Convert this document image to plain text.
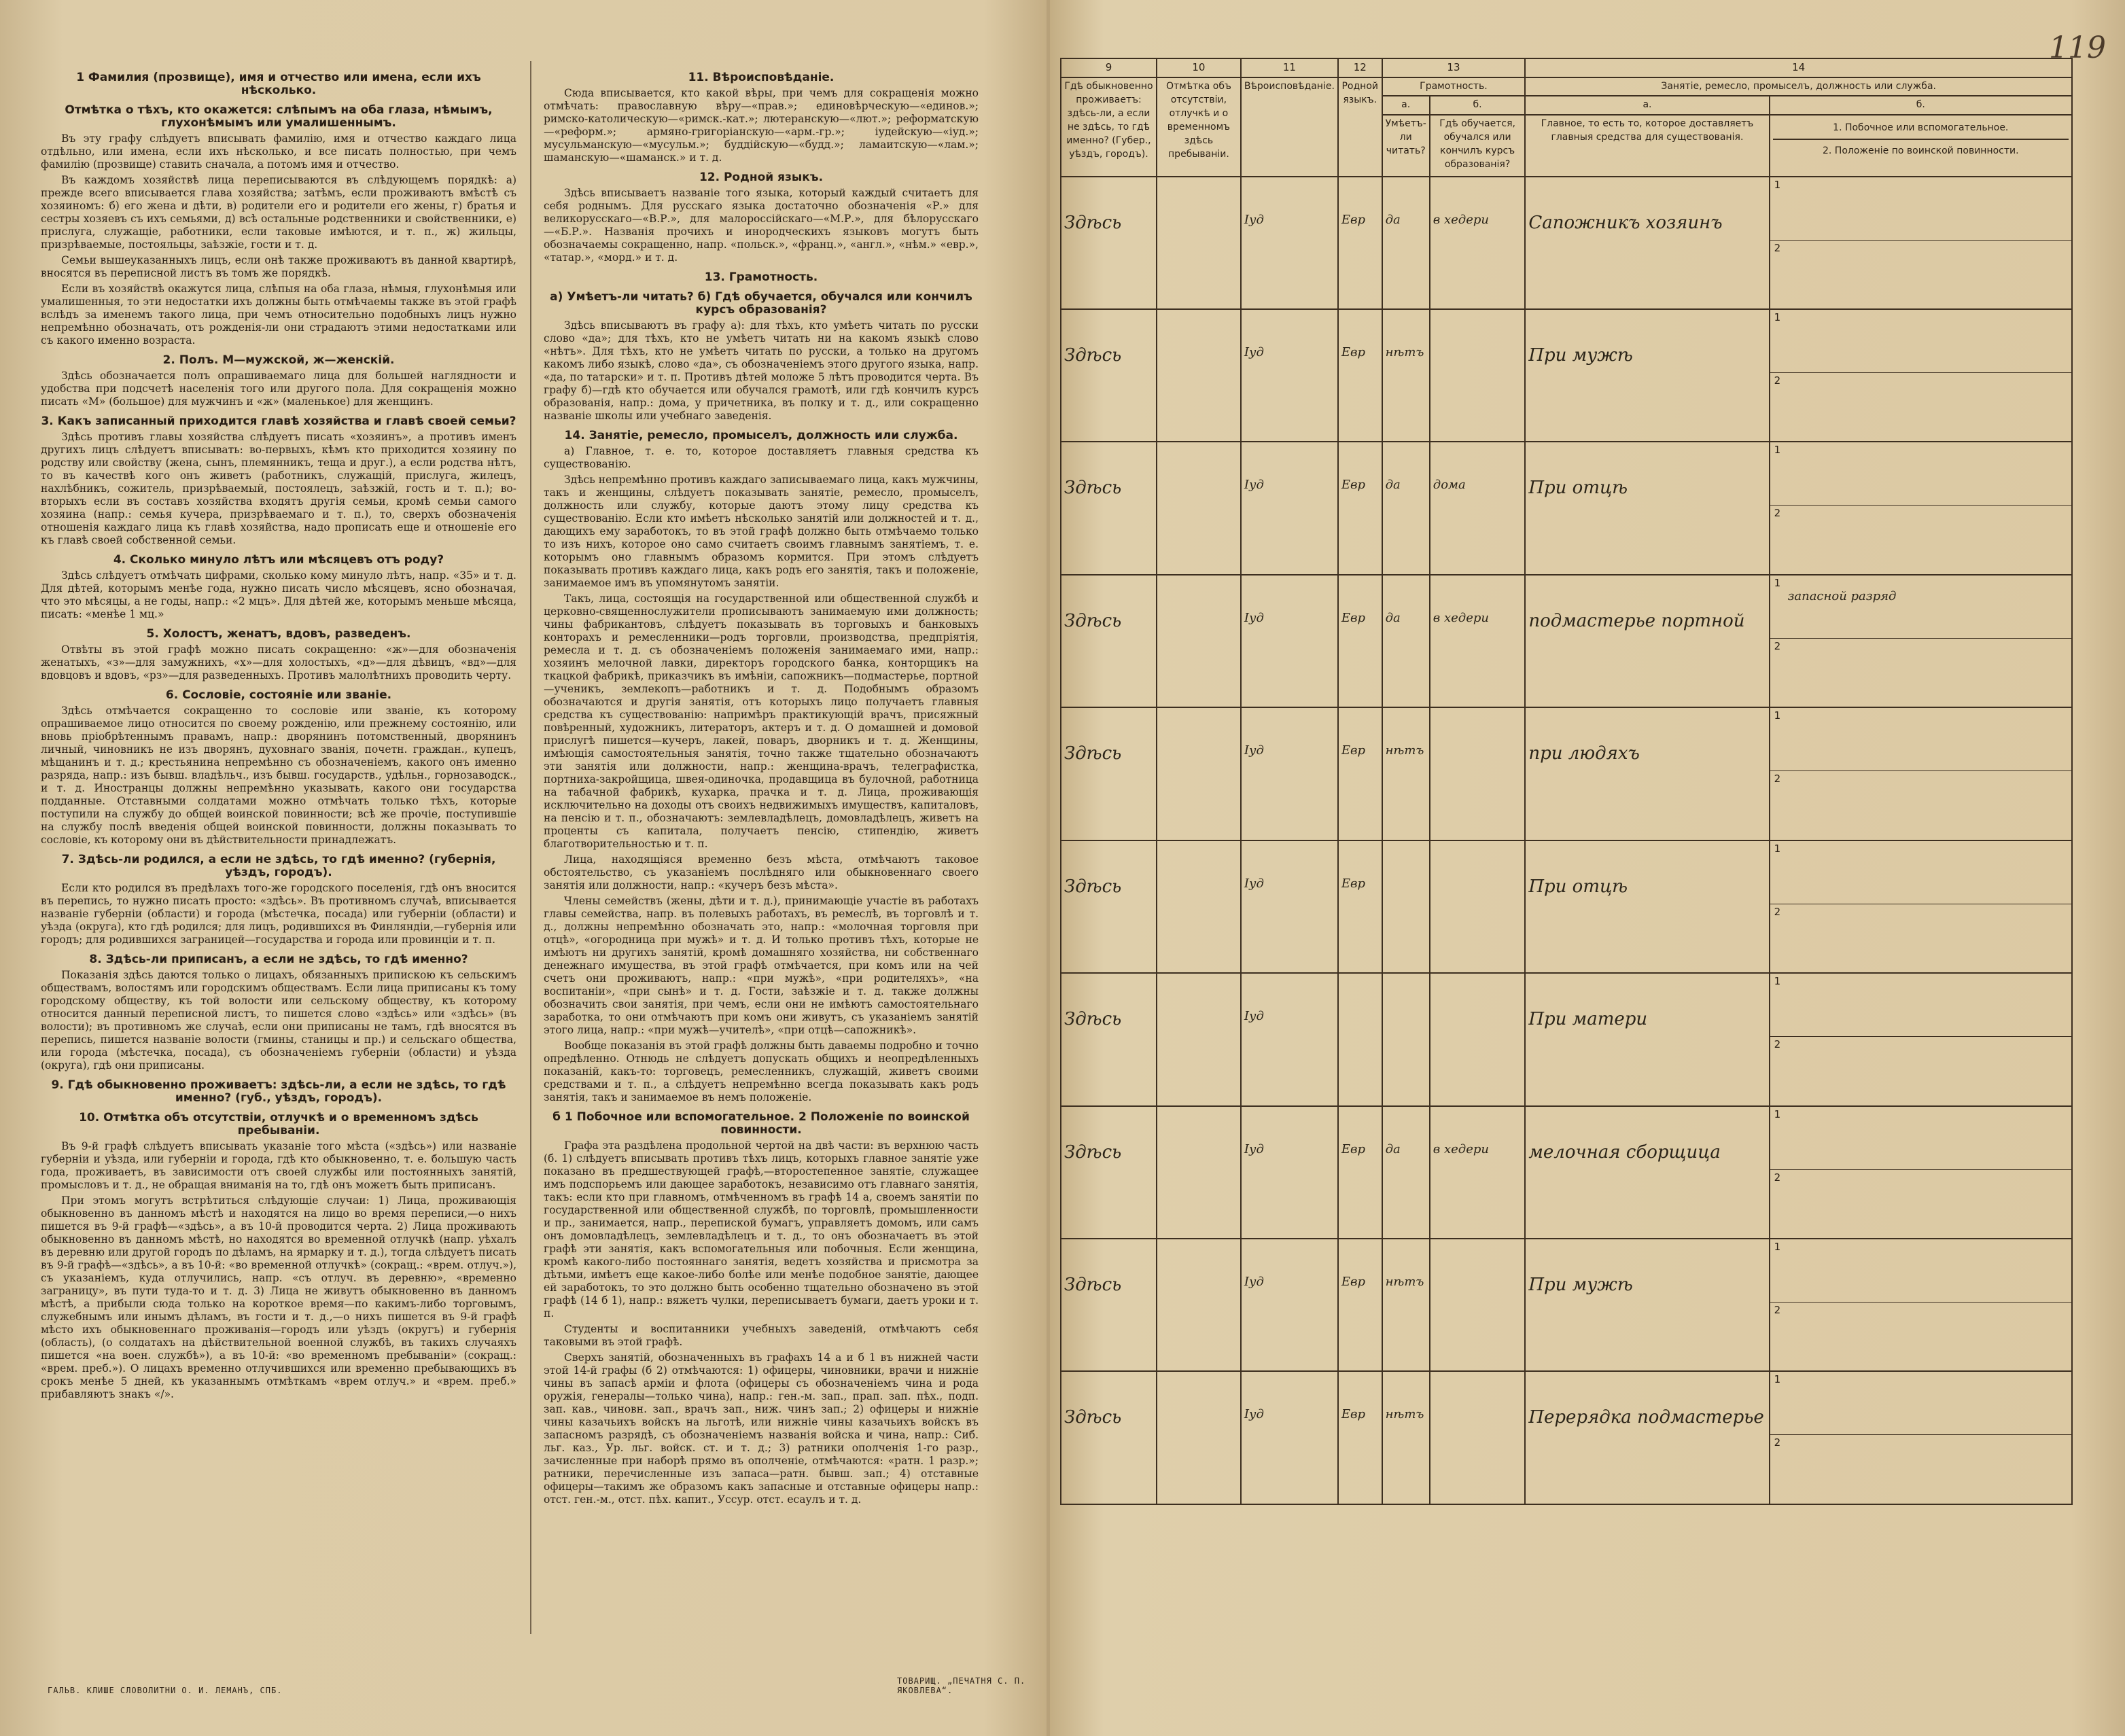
1 Фамилия (прозвище), имя и отчество или имена, если ихъ нѣсколько.
Отмѣтка о тѣхъ, кто окажется: слѣпымъ на оба глаза, нѣмымъ, глухонѣмымъ или умалишеннымъ.

Въ эту графу слѣдуетъ вписывать фамилію, имя и отчество каждаго лица отдѣльно, или имена, если ихъ нѣсколько, и все писать полностью, при чемъ фамилію (прозвище) ставить сначала, а потомъ имя и отчество.

Въ каждомъ хозяйствѣ лица переписываются въ слѣдующемъ порядкѣ: а) прежде всего вписывается глава хозяйства; затѣмъ, если проживаютъ вмѣстѣ съ хозяиномъ: б) его жена и дѣти, в) родители его и родители его жены, г) братья и сестры хозяевъ съ ихъ семьями, д) всѣ остальные родственники и свойственники, е) прислуга, служащіе, работники, если таковые имѣются, и т. п., ж) жильцы, призрѣваемые, постояльцы, заѣзжіе, гости и т. д.

Семьи вышеуказанныхъ лицъ, если онѣ также проживаютъ въ данной квартирѣ, вносятся въ переписной листъ въ томъ же порядкѣ.

Если въ хозяйствѣ окажутся лица, слѣпыя на оба глаза, нѣмыя, глухонѣмыя или умалишенныя, то эти недостатки ихъ должны быть отмѣчаемы также въ этой графѣ вслѣдъ за именемъ такого лица, при чемъ относительно подобныхъ лицъ нужно непремѣнно обозначать, отъ рожденія-ли они страдаютъ этими недостатками или съ какого именно возраста.

2. Полъ. М—мужской, ж—женскій.

Здѣсь обозначается полъ опрашиваемаго лица для большей наглядности и удобства при подсчетѣ населенія того или другого пола. Для сокращенія можно писать «М» (большое) для мужчинъ и «ж» (маленькое) для женщинъ.

3. Какъ записанный приходится главѣ хозяйства и главѣ своей семьи?

Здѣсь противъ главы хозяйства слѣдуетъ писать «хозяинъ», а противъ именъ другихъ лицъ слѣдуетъ вписывать: во-первыхъ, кѣмъ кто приходится хозяину по родству или свойству (жена, сынъ, племянникъ, теща и друг.), а если родства нѣтъ, то въ качествѣ кого онъ живетъ (работникъ, служащій, прислуга, жилецъ, нахлѣбникъ, сожитель, призрѣваемый, постоялецъ, заѣзжій, гость и т. п.); во-вторыхъ если въ составъ хозяйства входятъ другія семьи, кромѣ семьи самого хозяина (напр.: семья кучера, призрѣваемаго и т. п.), то, сверхъ обозначенія отношенія каждаго лица къ главѣ хозяйства, надо прописать еще и отношеніе его къ главѣ своей собственной семьи.

4. Сколько минуло лѣтъ или мѣсяцевъ отъ роду?

Здѣсь слѣдуетъ отмѣчать цифрами, сколько кому минуло лѣтъ, напр. «35» и т. д. Для дѣтей, которымъ менѣе года, нужно писать число мѣсяцевъ, ясно обозначая, что это мѣсяцы, а не годы, напр.: «2 мцъ». Для дѣтей же, которымъ меньше мѣсяца, писать: «менѣе 1 мц.»

5. Холостъ, женатъ, вдовъ, разведенъ.

Отвѣты въ этой графѣ можно писать сокращенно: «ж»—для обозначенія женатыхъ, «з»—для замужнихъ, «х»—для холостыхъ, «д»—для дѣвицъ, «вд»—для вдовцовъ и вдовъ, «рз»—для разведенныхъ. Противъ малолѣтнихъ проводить черту.

6. Сословіе, состояніе или званіе.

Здѣсь отмѣчается сокращенно то сословіе или званіе, къ которому опрашиваемое лицо относится по своему рожденію, или прежнему состоянію, или вновь пріобрѣтеннымъ правамъ, напр.: дворянинъ потомственный, дворянинъ личный, чиновникъ не изъ дворянъ, духовнаго званія, почетн. граждан., купецъ, мѣщанинъ и т. д.; крестьянина непремѣнно съ обозначеніемъ, какого онъ именно разряда, напр.: изъ бывш. владѣльч., изъ бывш. государств., удѣльн., горнозаводск., и т. д. Иностранцы должны непремѣнно указывать, какого они государства подданные. Отставными солдатами можно отмѣчать только тѣхъ, которые поступили на службу до общей воинской повинности; всѣ же прочіе, поступившіе на службу послѣ введенія общей воинской повинности, должны показывать то сословіе, къ которому они въ дѣйствительности принадлежатъ.

7. Здѣсь-ли родился, а если не здѣсь, то гдѣ именно? (губернія, уѣздъ, городъ).

Если кто родился въ предѣлахъ того-же городского поселенія, гдѣ онъ вносится въ перепись, то нужно писать просто: «здѣсь». Въ противномъ случаѣ, вписывается названіе губерніи (области) и города (мѣстечка, посада) или губерніи (области) и уѣзда (округа), кто гдѣ родился; для лицъ, родившихся въ Финляндіи,—губернія или городъ; для родившихся заграницей—государства и города или провинціи и т. п.

8. Здѣсь-ли приписанъ, а если не здѣсь, то гдѣ именно?

Показанія здѣсь даются только о лицахъ, обязанныхъ припискою къ сельскимъ обществамъ, волостямъ или городскимъ обществамъ. Если лица приписаны къ тому городскому обществу, къ той волости или сельскому обществу, къ которому относится данный переписной листъ, то пишется слово «здѣсь» или «здѣсь» (въ волости); въ противномъ же случаѣ, если они приписаны не тамъ, гдѣ вносятся въ перепись, пишется названіе волости (гмины, станицы и пр.) и сельскаго общества, или города (мѣстечка, посада), съ обозначеніемъ губерніи (области) и уѣзда (округа), гдѣ они приписаны.

9. Гдѣ обыкновенно проживаетъ: здѣсь-ли, а если не здѣсь, то гдѣ именно? (губ., уѣздъ, городъ).
10. Отмѣтка объ отсутствіи, отлучкѣ и о временномъ здѣсь пребываніи.

Въ 9-й графѣ слѣдуетъ вписывать указаніе того мѣста («здѣсь») или названіе губерніи и уѣзда, или губерніи и города, гдѣ кто обыкновенно, т. е. большую часть года, проживаетъ, въ зависимости отъ своей службы или постоянныхъ занятій, промысловъ и т. д., не обращая вниманія на то, гдѣ онъ можетъ быть приписанъ.

При этомъ могутъ встрѣтиться слѣдующіе случаи: 1) Лица, проживающія обыкновенно въ данномъ мѣстѣ и находятся на лицо во время переписи,—о нихъ пишется въ 9-й графѣ—«здѣсь», а въ 10-й проводится черта. 2) Лица проживають обыкновенно въ данномъ мѣстѣ, но находятся во временной отлучкѣ (напр. уѣхалъ въ деревню или другой городъ по дѣламъ, на ярмарку и т. д.), тогда слѣдуетъ писать въ 9-й графѣ—«здѣсь», а въ 10-й: «во временной отлучкѣ» (сокращ.: «врем. отлуч.»), съ указаніемъ, куда отлучились, напр. «съ отлуч. въ деревню», «временно заграницу», въ пути туда-то и т. д. 3) Лица не живутъ обыкновенно въ данномъ мѣстѣ, а прибыли сюда только на короткое время—по какимъ-либо торговымъ, служебнымъ или инымъ дѣламъ, въ гости и т. д.,—о нихъ пишется въ 9-й графѣ мѣсто ихъ обыкновеннаго проживанія—городъ или уѣздъ (округъ) и губернія (область), (о солдатахъ на дѣйствительной военной службѣ, въ такихъ случаяхъ пишется «на воен. службѣ»), а въ 10-й: «во временномъ пребываніи» (сокращ.: «врем. преб.»). О лицахъ временно отлучившихся или временно пребывающихъ въ срокъ менѣе 5 дней, къ указаннымъ отмѣткамъ «врем отлуч.» и «врем. преб.» прибавляютъ знакъ «/».

11. Вѣроисповѣданіе.

Сюда вписывается, кто какой вѣры, при чемъ для сокращенія можно отмѣчать: православную вѣру—«прав.»; единовѣрческую—«единов.»; римско-католическую—«римск.-кат.»; лютеранскую—«лют.»; реформатскую—«реформ.»; армяно-григоріанскую—«арм.-гр.»; іудейскую—«іуд.»; мусульманскую—«мусульм.»; буддійскую—«будд.»; ламаитскую—«лам.»; шаманскую—«шаманск.» и т. д.

12. Родной языкъ.

Здѣсь вписываетъ названіе того языка, который каждый считаетъ для себя роднымъ. Для русскаго языка достаточно обозначенія «Р.» для великорусскаго—«В.Р.», для малороссійскаго—«М.Р.», для бѣлорусскаго—«Б.Р.». Названія прочихъ и инородческихъ языковъ могутъ быть обозначаемы сокращенно, напр. «польск.», «франц.», «англ.», «нѣм.» «евр.», «татар.», «морд.» и т. д.

13. Грамотность.
а) Умѣетъ-ли читать? б) Гдѣ обучается, обучался или кончилъ курсъ образованія?

Здѣсь вписываютъ въ графу а): для тѣхъ, кто умѣетъ читать по русски слово «да»; для тѣхъ, кто не умѣетъ читать ни на какомъ языкѣ слово «нѣтъ». Для тѣхъ, кто не умѣетъ читать по русски, а только на другомъ какомъ либо языкѣ, слово «да», съ обозначеніемъ этого другого языка, напр. «да, по татарски» и т. п. Противъ дѣтей моложе 5 лѣтъ проводится черта. Въ графу б)—гдѣ кто обучается или обучался грамотѣ, или гдѣ кончилъ курсъ образованія, напр.: дома, у причетника, въ полку и т. д., или сокращенно названіе школы или учебнаго заведенія.

14. Занятіе, ремесло, промыселъ, должность или служба.

а) Главное, т. е. то, которое доставляетъ главныя средства къ существованію.

Здѣсь непремѣнно противъ каждаго записываемаго лица, какъ мужчины, такъ и женщины, слѣдуетъ показывать занятіе, ремесло, промыселъ, должность или службу, которые даютъ этому лицу средства къ существованію. Если кто имѣетъ нѣсколько занятій или должностей и т. д., дающихъ ему заработокъ, то въ этой графѣ должно быть отмѣчаемо только то изъ нихъ, которое оно само считаетъ своимъ главнымъ занятіемъ, т. е. которымъ оно главнымъ образомъ кормится. При этомъ слѣдуетъ показывать противъ каждаго лица, какъ родъ его занятія, такъ и положеніе, занимаемое имъ въ упомянутомъ занятіи.

Такъ, лица, состоящія на государственной или общественной службѣ и церковно-священнослужители прописываютъ занимаемую ими должность; чины фабрикантовъ, слѣдуетъ показывать въ торговыхъ и банковыхъ конторахъ и ремесленники—родъ торговли, производства, предпріятія, ремесла и т. д. съ обозначеніемъ положенія занимаемаго ими, напр.: хозяинъ мелочной лавки, директоръ городского банка, конторщикъ на ткацкой фабрикѣ, приказчикъ въ имѣніи, сапожникъ—подмастерье, портной—ученикъ, землекопъ—работникъ и т. д. Подобнымъ образомъ обозначаются и другія занятія, отъ которыхъ лицо получаетъ главныя средства къ существованію: напримѣръ практикующій врачъ, присяжный повѣренный, художникъ, литераторъ, актеръ и т. д. О домашней и домовой прислугѣ пишется—кучеръ, лакей, поваръ, дворникъ и т. д. Женщины, имѣющія самостоятельныя занятія, точно также тщательно обозначаютъ эти занятія или должности, напр.: женщина-врачъ, телеграфистка, портниха-закройщица, швея-одиночка, продавщица въ булочной, работница на табачной фабрикѣ, кухарка, прачка и т. д. Лица, проживающія исключительно на доходы отъ своихъ недвижимыхъ имуществъ, капиталовъ, на пенсію и т. п., обозначаютъ: землевладѣлецъ, домовладѣлецъ, живетъ на проценты съ капитала, получаетъ пенсію, стипендію, живетъ благотворительностью и т. п.

Лица, находящіяся временно безъ мѣста, отмѣчаютъ таковое обстоятельство, съ указаніемъ послѣдняго или обыкновеннаго своего занятія или должности, напр.: «кучеръ безъ мѣста».

Члены семействъ (жены, дѣти и т. д.), принимающіе участіе въ работахъ главы семейства, напр. въ полевыхъ работахъ, въ ремеслѣ, въ торговлѣ и т. д., должны непремѣнно обозначать это, напр.: «молочная торговля при отцѣ», «огородница при мужѣ» и т. д. И только противъ тѣхъ, которые не имѣютъ ни другихъ занятій, кромѣ домашняго хозяйства, ни собственнаго денежнаго имущества, въ этой графѣ отмѣчается, при комъ или на чей счетъ они проживаютъ, напр.: «при мужѣ», «при родителяхъ», «на воспитаніи», «при сынѣ» и т. д. Гости, заѣзжіе и т. д. также должны обозначить свои занятія, при чемъ, если они не имѣютъ самостоятельнаго заработка, то они отмѣчаютъ при комъ они живутъ, съ указаніемъ занятій этого лица, напр.: «при мужѣ—учителѣ», «при отцѣ—сапожникѣ».

Вообще показанія въ этой графѣ должны быть даваемы подробно и точно опредѣленно. Отнюдь не слѣдуетъ допускать общихъ и неопредѣленныхъ показаній, какъ-то: торговецъ, ремесленникъ, служащій, живетъ своими средствами и т. п., а слѣдуетъ непремѣнно всегда показывать какъ родъ занятія, такъ и занимаемое въ немъ положеніе.

б 1 Побочное или вспомогательное. 2 Положеніе по воинской повинности.

Графа эта раздѣлена продольной чертой на двѣ части: въ верхнюю часть (б. 1) слѣдуетъ вписывать противъ тѣхъ лицъ, которыхъ главное занятіе уже показано въ предшествующей графѣ,—второстепенное занятіе, служащее имъ подспорьемъ или дающее заработокъ, независимо отъ главнаго занятія, такъ: если кто при главномъ, отмѣченномъ въ графѣ 14 а, своемъ занятіи по государственной или общественной службѣ, по торговлѣ, промышленности и пр., занимается, напр., перепиской бумагъ, управляетъ домомъ, или самъ онъ домовладѣлецъ, землевладѣлецъ и т. д., то онъ обозначаетъ въ этой графѣ эти занятія, какъ вспомогательныя или побочныя. Если женщина, кромѣ какого-либо постояннаго занятія, ведетъ хозяйства и присмотра за дѣтьми, имѣетъ еще какое-либо болѣе или менѣе подобное занятіе, дающее ей заработокъ, то это должно быть особенно тщательно обозначено въ этой графѣ (14 б 1), напр.: вяжетъ чулки, переписываетъ бумаги, даетъ уроки и т. п.

Студенты и воспитанники учебныхъ заведеній, отмѣчаютъ себя таковыми въ этой графѣ.

Сверхъ занятій, обозначенныхъ въ графахъ 14 а и б 1 въ нижней части этой 14-й графы (б 2) отмѣчаются: 1) офицеры, чиновники, врачи и нижніе чины въ запасѣ арміи и флота (офицеры съ обозначеніемъ чина и рода оружія, генералы—только чина), напр.: ген.-м. зап., прап. зап. пѣх., подп. зап. кав., чиновн. зап., врачъ зап., ниж. чинъ зап.; 2) офицеры и нижніе чины казачьихъ войскъ на льготѣ, или нижніе чины казачьихъ войскъ въ запасномъ разрядѣ, съ обозначеніемъ названія войска и чина, напр.: Сиб. льг. каз., Ур. льг. войск. ст. и т. д.; 3) ратники ополченія 1-го разр., зачисленные при наборѣ прямо въ ополченіе, отмѣчаются: «ратн. 1 разр.»; ратники, перечисленные изъ запаса—ратн. бывш. зап.; 4) отставные офицеры—такимъ же образомъ какъ запасные и отставные офицеры напр.: отст. ген.-м., отст. пѣх. капит., Уссур. отст. есаулъ и т. д.

ГАЛЬВ. КЛИШЕ СЛОВОЛИТНИ О. И. ЛЕМАНЪ, СПБ.
ТОВАРИЩ. „ПЕЧАТНЯ С. П. ЯКОВЛЕВА“.
119
9	10	11	12	13		14	
Гдѣ обыкновенно проживаетъ: здѣсь-ли, а если не здѣсь, то гдѣ именно? (Губер., уѣздъ, городъ).	Отмѣтка объ отсутствіи, отлучкѣ и о временномъ здѣсь пребываніи.	Вѣроисповѣданіе.	Родной языкъ.	Грамотность.		Занятіе, ремесло, промыселъ, должность или служба.	
				а.	б.	а.	б.
				Умѣетъ-ли читать?	Гдѣ обучается, обучался или кончилъ курсъ образованія?	Главное, то есть то, которое доставляетъ главныя средства для существованія.	1. Побочное или вспомогательное.
2. Положеніе по воинской повинности.

Здѣсь		Іуд	Евр	да	в хедери	Сапожникъ хозяинъ	1
2

Здѣсь		Іуд	Евр	нѣтъ		При мужѣ	1
2

Здѣсь		Іуд	Евр	да	дома	При отцѣ	1
2

Здѣсь		Іуд	Евр	да	в хедери	подмастерье портной	1
запасной разряд
2

Здѣсь		Іуд	Евр	нѣтъ		при людяхъ	1
2

Здѣсь		Іуд	Евр			При отцѣ	1
2

Здѣсь		Іуд				При матери	1
2

Здѣсь		Іуд	Евр	да	в хедери	мелочная сборщица	1
2

Здѣсь		Іуд	Евр	нѣтъ		При мужѣ	1
2

Здѣсь		Іуд	Евр	нѣтъ		Перерядка подмастерье	1
2
